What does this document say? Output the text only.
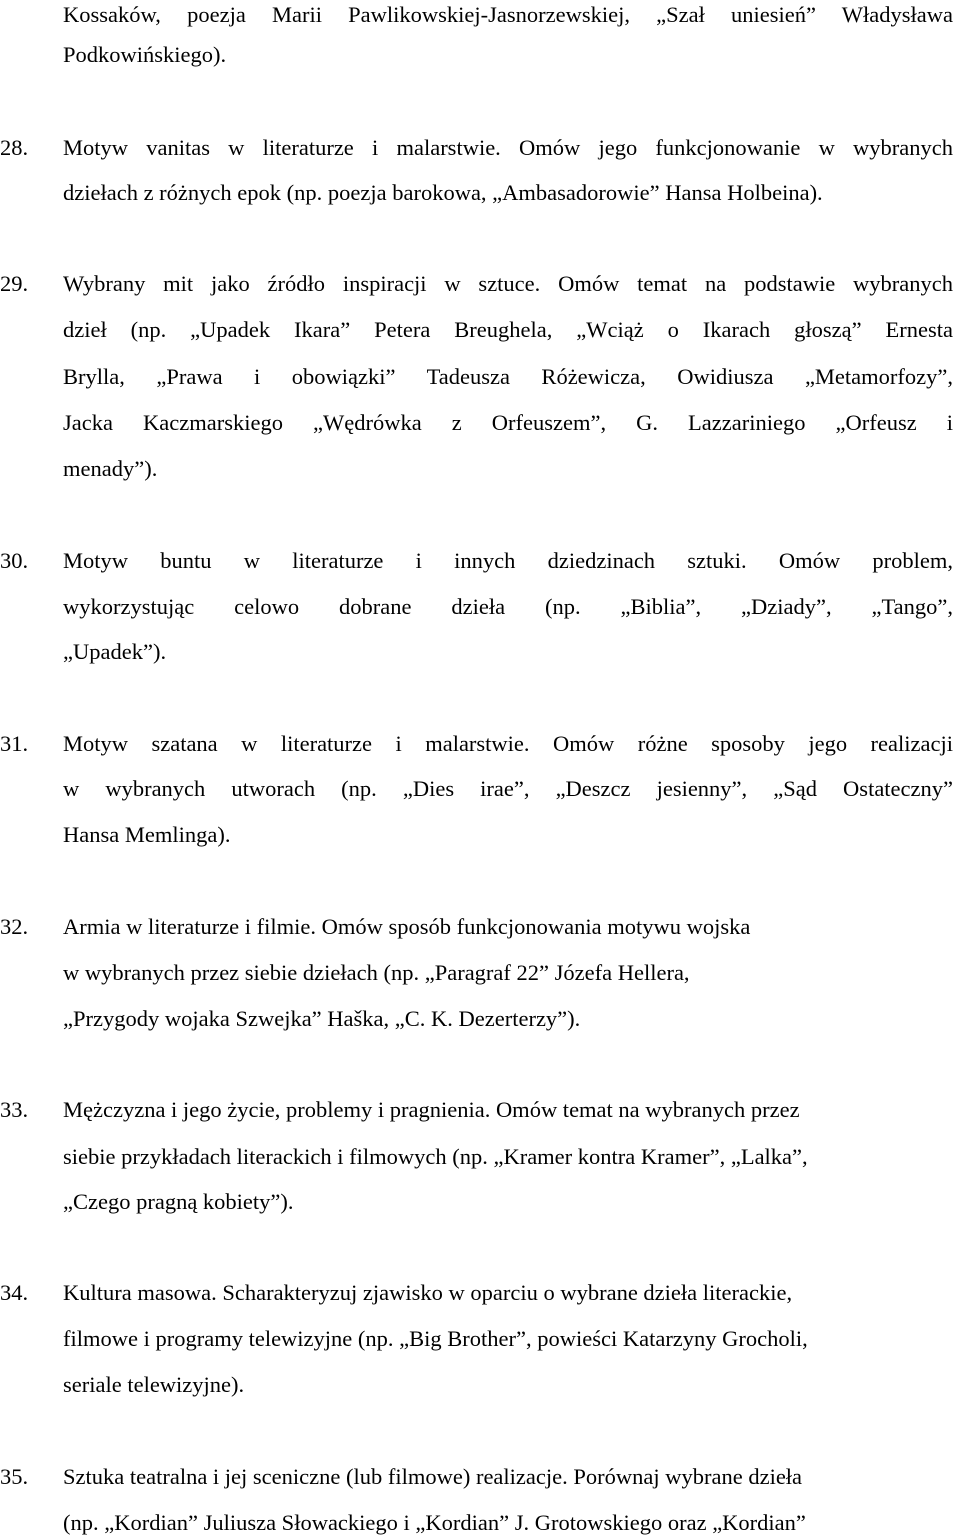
Kossaków, poezja Marii Pawlikowskiej-Jasnorzewskiej, „Szał uniesień” Władysława
Podkowińskiego).
28.	Motyw vanitas w literaturze i malarstwie. Omów jego funkcjonowanie w wybranych
dziełach z różnych epok (np. poezja barokowa, „Ambasadorowie” Hansa Holbeina).
29.	Wybrany mit jako źródło inspiracji w sztuce. Omów temat na podstawie wybranych
dzieł (np. „Upadek Ikara” Petera Breughela, „Wciąż o Ikarach głoszą” Ernesta
Brylla, „Prawa i obowiązki” Tadeusza Różewicza, Owidiusza „Metamorfozy”,
Jacka Kaczmarskiego „Wędrówka z Orfeuszem”, G. Lazzariniego „Orfeusz i
menady”).
30.	Motyw buntu w literaturze i innych dziedzinach sztuki. Omów problem,
wykorzystując celowo dobrane dzieła (np. „Biblia”, „Dziady”, „Tango”,
„Upadek”).
31.	Motyw szatana w literaturze i malarstwie. Omów różne sposoby jego realizacji
w wybranych utworach (np. „Dies irae”, „Deszcz jesienny”, „Sąd Ostateczny”
Hansa Memlinga).
32.	Armia w literaturze i filmie. Omów sposób funkcjonowania motywu wojska
w wybranych przez siebie dziełach (np. „Paragraf 22” Józefa Hellera,
„Przygody wojaka Szwejka” Haška, „C. K. Dezerterzy”).
33.	Mężczyzna i jego życie, problemy i pragnienia. Omów temat na wybranych przez
siebie przykładach literackich i filmowych (np. „Kramer kontra Kramer”, „Lalka”,
„Czego pragną kobiety”).
34.	Kultura masowa. Scharakteryzuj zjawisko w oparciu o wybrane dzieła literackie,
filmowe i programy telewizyjne (np. „Big Brother”, powieści Katarzyny Grocholi,
seriale telewizyjne).
35.	Sztuka teatralna i jej sceniczne (lub filmowe) realizacje. Porównaj wybrane dzieła
(np. „Kordian” Juliusza Słowackiego i „Kordian” J. Grotowskiego oraz „Kordian”
